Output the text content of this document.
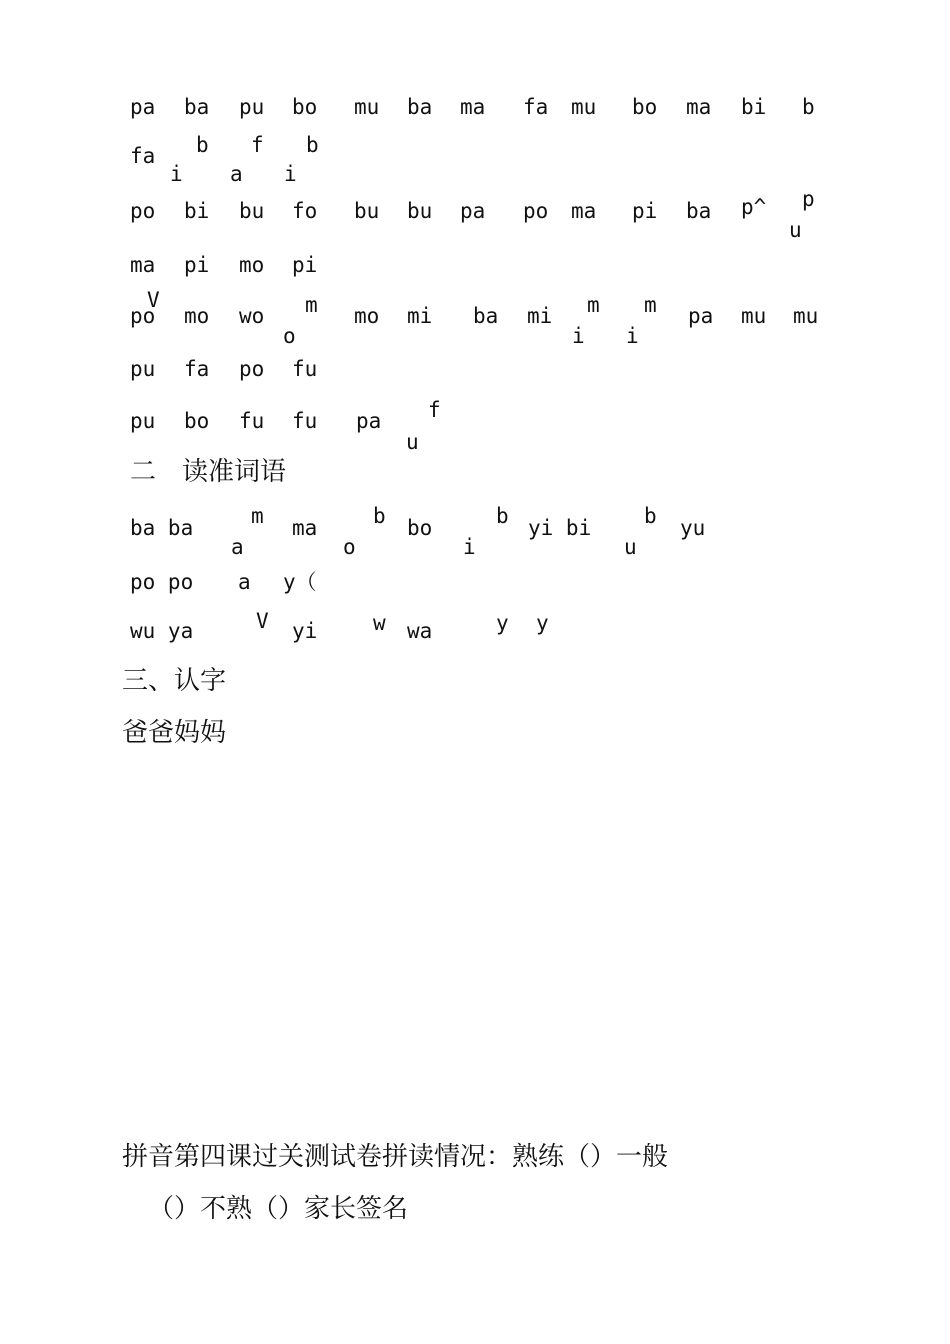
pa ba pu bo mu ba ma fa mu bo ma bi b
fa b f b
i a i
po bi bu fo bu bu pa po ma pi ba p^ p
u
ma pi mo pi
po mo wo	mo mi ba mi	pa mu mu
V	m	m m
o	i i
pu fa po fu
pu bo fu fu pa f
u
二　读准词语
ba ba	ma	bo	yi bi	yu
m	b	b	b
a	o	i	u
po po a y（
wu ya	yi	wa
V	w	y y
三、认字
爸爸妈妈
拼音第四课过关测试卷拼读情况：熟练（）一般
（）不熟（）家长签名
